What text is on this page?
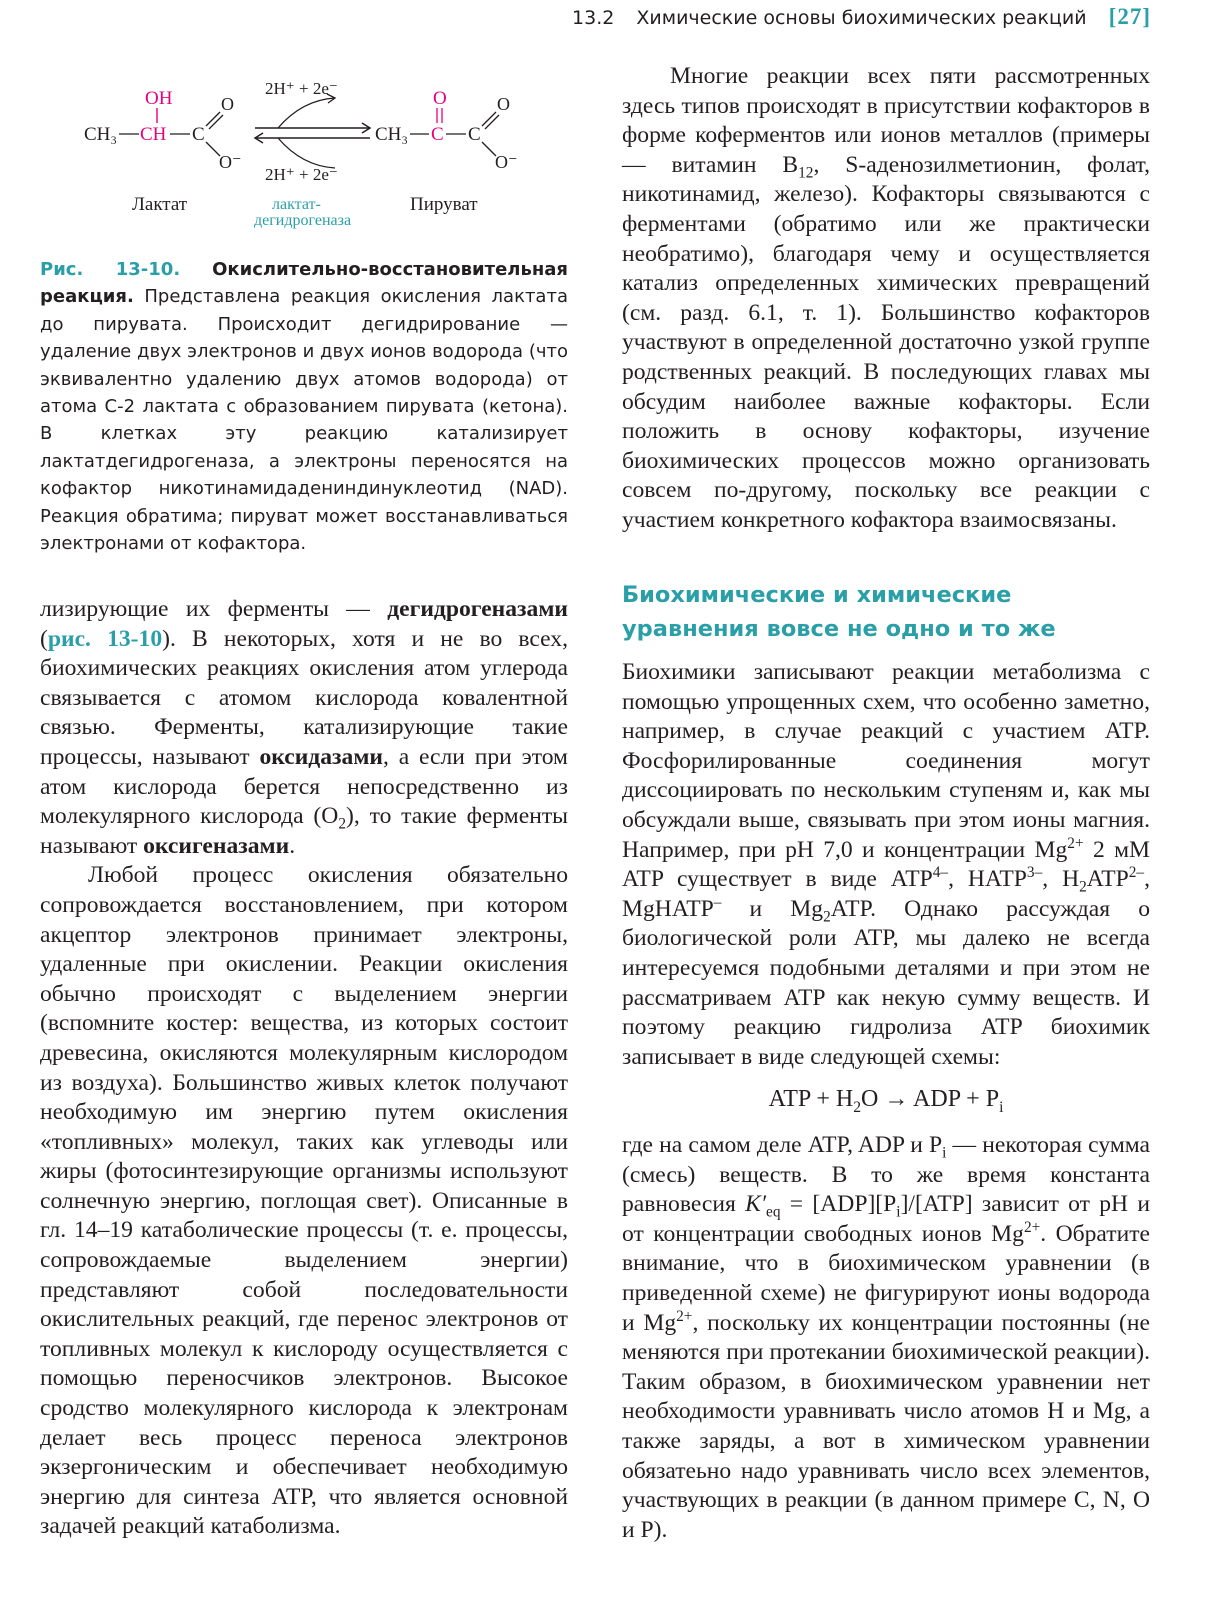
13.2 Химические основы биохимических реакций [27]
OH
CH₃ CH C
O
O⁻
2H⁺ + 2e⁻
2H⁺ + 2e⁻
O
CH₃ C C
O
O⁻
Лактат	Пируват
лактат-
дегидрогеназа
Рис. 13-10. Окислительно-восстановительная реакция. Представлена реакция окисления лактата до пирувата. Происходит дегидрирование — удаление двух электронов и двух ионов водорода (что эквивалентно удалению двух атомов водорода) от атома C-2 лактата с образованием пирувата (кетона). В клетках эту реакцию катализирует лактатдегидрогеназа, а электроны переносятся на кофактор никотинамидадениндинуклеотид (NAD). Реакция обратима; пируват может восстанавливаться электронами от кофактора.

лизирующие их ферменты — дегидрогеназами (рис. 13-10). В некоторых, хотя и не во всех, биохимических реакциях окисления атом углерода связывается с атомом кислорода ковалентной связью. Ферменты, катализирующие такие процессы, называют оксидазами, а если при этом атом кислорода берется непосредственно из молекулярного кислорода $(O_2)$, то такие ферменты называют оксигеназами.

Любой процесс окисления обязательно сопровождается восстановлением, при котором акцептор электронов принимает электроны, удаленные при окислении. Реакции окисления обычно происходят с выделением энергии (вспомните костер: вещества, из которых состоит древесина, окисляются молекулярным кислородом из воздуха). Большинство живых клеток получают необходимую им энергию путем окисления «топливных» молекул, таких как углеводы или жиры (фотосинтезирующие организмы используют солнечную энергию, поглощая свет). Описанные в гл. 14–19 катаболические процессы (т. е. процессы, сопровождаемые выделением энергии) представляют собой последовательности окислительных реакций, где перенос электронов от топливных молекул к кислороду осуществляется с помощью переносчиков электронов. Высокое сродство молекулярного кислорода к электронам делает весь процесс переноса электронов экзергоническим и обеспечивает необходимую энергию для синтеза ATP, что является основной задачей реакций катаболизма.

Многие реакции всех пяти рассмотренных здесь типов происходят в присутствии кофакторов в форме коферментов или ионов металлов (примеры — витамин $B_{12}$, S-аденозилметионин, фолат, никотинамид, железо). Кофакторы связываются с ферментами (обратимо или же практически необратимо), благодаря чему и осуществляется катализ определенных химических превращений (см. разд. 6.1, т. 1). Большинство кофакторов участвуют в определенной достаточно узкой группе родственных реакций. В последующих главах мы обсудим наиболее важные кофакторы. Если положить в основу кофакторы, изучение биохимических процессов можно организовать совсем по-другому, поскольку все реакции с участием конкретного кофактора взаимосвязаны.

Биохимические и химические уравнения вовсе не одно и то же

Биохимики записывают реакции метаболизма с помощью упрощенных схем, что особенно заметно, например, в случае реакций с участием ATP. Фосфорилированные соединения могут диссоциировать по нескольким ступеням и, как мы обсуждали выше, связывать при этом ионы магния. Например, при pH 7,0 и концентрации $Mg^{2+}$ 2 мМ ATP существует в виде $ATP^{4-}$, $HATP^{3-}$, $H_2ATP^{2-}$, MgHATP– и $Mg_2ATP$. Однако рассуждая о биологической роли ATP, мы далеко не всегда интересуемся подобными деталями и при этом не рассматриваем ATP как некую сумму веществ. И поэтому реакцию гидролиза ATP биохимик записывает в виде следующей схемы:

ATP + $H_2O$ → ADP + $P_i$

где на самом деле ATP, ADP и $P_i$ — некоторая сумма (смесь) веществ. В то же время константа равновесия $K'_{eq} = [ADP][P_i]/[ATP]$ зависит от pH и от концентрации свободных ионов $Mg^{2+}$. Обратите внимание, что в биохимическом уравнении (в приведенной схеме) не фигурируют ионы водорода и $Mg^{2+}$, поскольку их концентрации постоянны (не меняются при протекании биохимической реакции). Таким образом, в биохимическом уравнении нет необходимости уравнивать число атомов H и Mg, а также заряды, а вот в химическом уравнении обязатеьно надо уравнивать число всех элементов, участвующих в реакции (в данном примере C, N, O и P).
